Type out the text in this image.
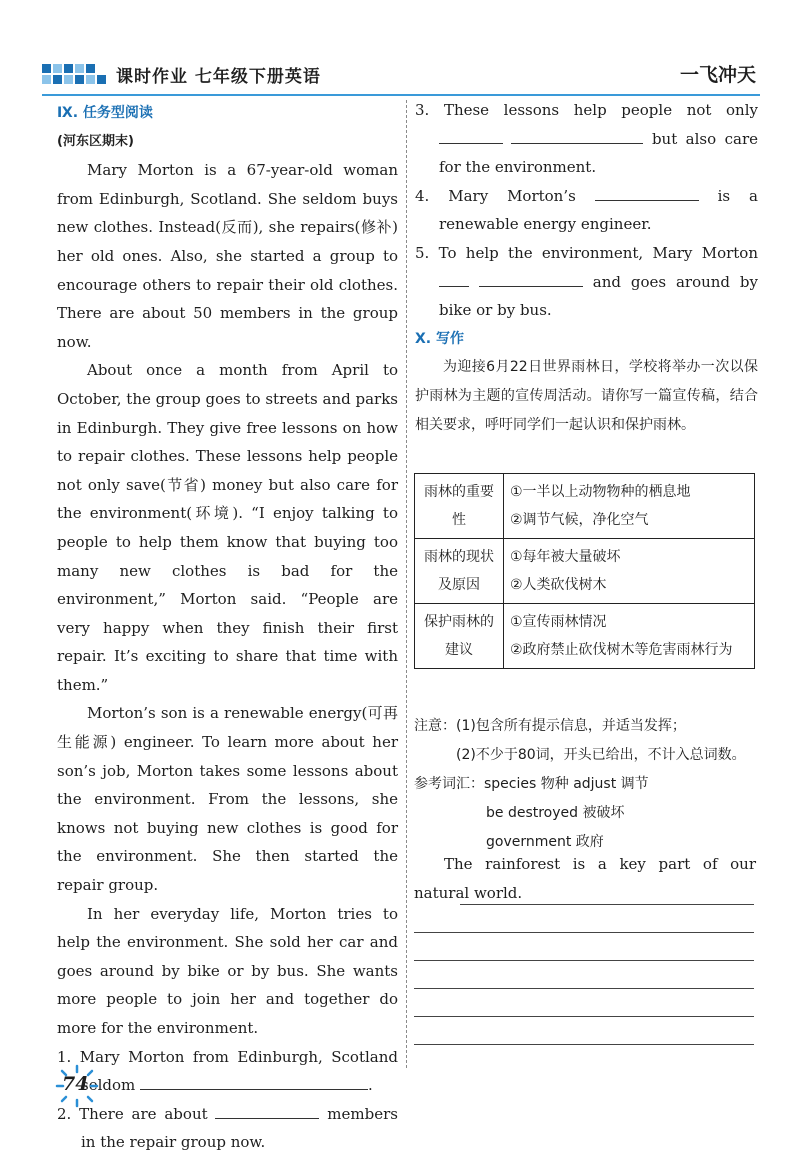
课时作业 七年级下册英语	一飞冲天
Ⅸ. 任务型阅读
(河东区期末)

Mary Morton is a 67-year-old woman from Edinburgh, Scotland. She seldom buys new clothes. Instead(反而), she repairs(修补) her old ones. Also, she started a group to encourage others to repair their old clothes. There are about 50 members in the group now.

About once a month from April to October, the group goes to streets and parks in Edinburgh. They give free lessons on how to repair clothes. These lessons help people not only save(节省) money but also care for the environment(环境). “I enjoy talking to people to help them know that buying too many new clothes is bad for the environment,” Morton said. “People are very happy when they finish their first repair. It’s exciting to share that time with them.”

Morton’s son is a renewable energy(可再生能源) engineer. To learn more about her son’s job, Morton takes some lessons about the environment. From the lessons, she knows not buying new clothes is good for the environment. She then started the repair group.

In her everyday life, Morton tries to help the environment. She sold her car and goes around by bike or by bus. She wants more people to join her and together do more for the environment.

1. Mary Morton from Edinburgh, Scotland seldom	.

2. There are about	members in the repair group now.

3. These lessons help people not only   but also care for the environment.

4. Mary Morton’s	is a renewable energy engineer.

5. To help the environment, Mary Morton   and goes around by bike or by bus.

Ⅹ. 写作

为迎接6月22日世界雨林日，学校将举办一次以保护雨林为主题的宣传周活动。请你写一篇宣传稿，结合相关要求，呼吁同学们一起认识和保护雨林。

雨林的重要性	①一半以上动物物种的栖息地
②调节气候，净化空气

雨林的现状及原因	①每年被大量破坏
②人类砍伐树木

保护雨林的建议	①宣传雨林情况
②政府禁止砍伐树木等危害雨林行为
注意：(1)包含所有提示信息，并适当发挥；
(2)不少于80词，开头已给出，不计入总词数。
参考词汇：species 物种 adjust 调节
be destroyed 被破坏
government 政府
The rainforest is a key part of our natural world.
74
